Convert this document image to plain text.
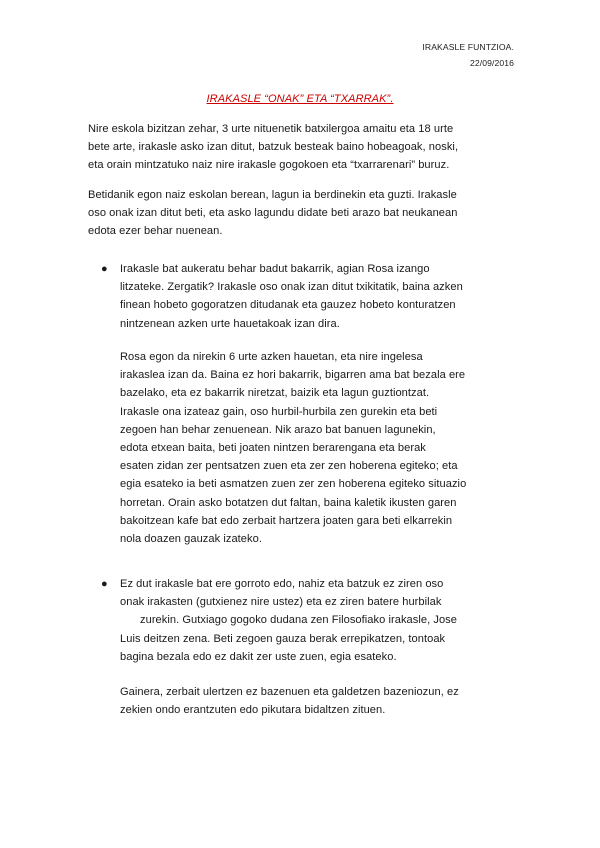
IRAKASLE FUNTZIOA.
22/09/2016
IRAKASLE “ONAK” ETA “TXARRAK”.
Nire eskola bizitzan zehar, 3 urte nituenetik batxilergoa amaitu eta 18 urte
bete arte, irakasle asko izan ditut, batzuk besteak baino hobeagoak, noski,
eta orain mintzatuko naiz nire irakasle gogokoen eta “txarrarenari” buruz.
Betidanik egon naiz eskolan berean, lagun ia berdinekin eta guzti. Irakasle
oso onak izan ditut beti, eta asko lagundu didate beti arazo bat neukanean
edota ezer behar nuenean.
● Irakasle bat aukeratu behar badut bakarrik, agian Rosa izango
litzateke. Zergatik? Irakasle oso onak izan ditut txikitatik, baina azken
finean hobeto gogoratzen ditudanak eta gauzez hobeto konturatzen
nintzenean azken urte hauetakoak izan dira.
Rosa egon da nirekin 6 urte azken hauetan, eta nire ingelesa
irakaslea izan da. Baina ez hori bakarrik, bigarren ama bat bezala ere
bazelako, eta ez bakarrik niretzat, baizik eta lagun guztiontzat.
Irakasle ona izateaz gain, oso hurbil-hurbila zen gurekin eta beti
zegoen han behar zenuenean. Nik arazo bat banuen lagunekin,
edota etxean baita, beti joaten nintzen berarengana eta berak
esaten zidan zer pentsatzen zuen eta zer zen hoberena egiteko; eta
egia esateko ia beti asmatzen zuen zer zen hoberena egiteko situazio
horretan. Orain asko botatzen dut faltan, baina kaletik ikusten garen
bakoitzean kafe bat edo zerbait hartzera joaten gara beti elkarrekin
nola doazen gauzak izateko.
● Ez dut irakasle bat ere gorroto edo, nahiz eta batzuk ez ziren oso
onak irakasten (gutxienez nire ustez) eta ez ziren batere hurbilak
zurekin. Gutxiago gogoko dudana zen Filosofiako irakasle, Jose
Luis deitzen zena. Beti zegoen gauza berak errepikatzen, tontoak
bagina bezala edo ez dakit zer uste zuen, egia esateko.
Gainera, zerbait ulertzen ez bazenuen eta galdetzen bazeniozun, ez
zekien ondo erantzuten edo pikutara bidaltzen zituen.
